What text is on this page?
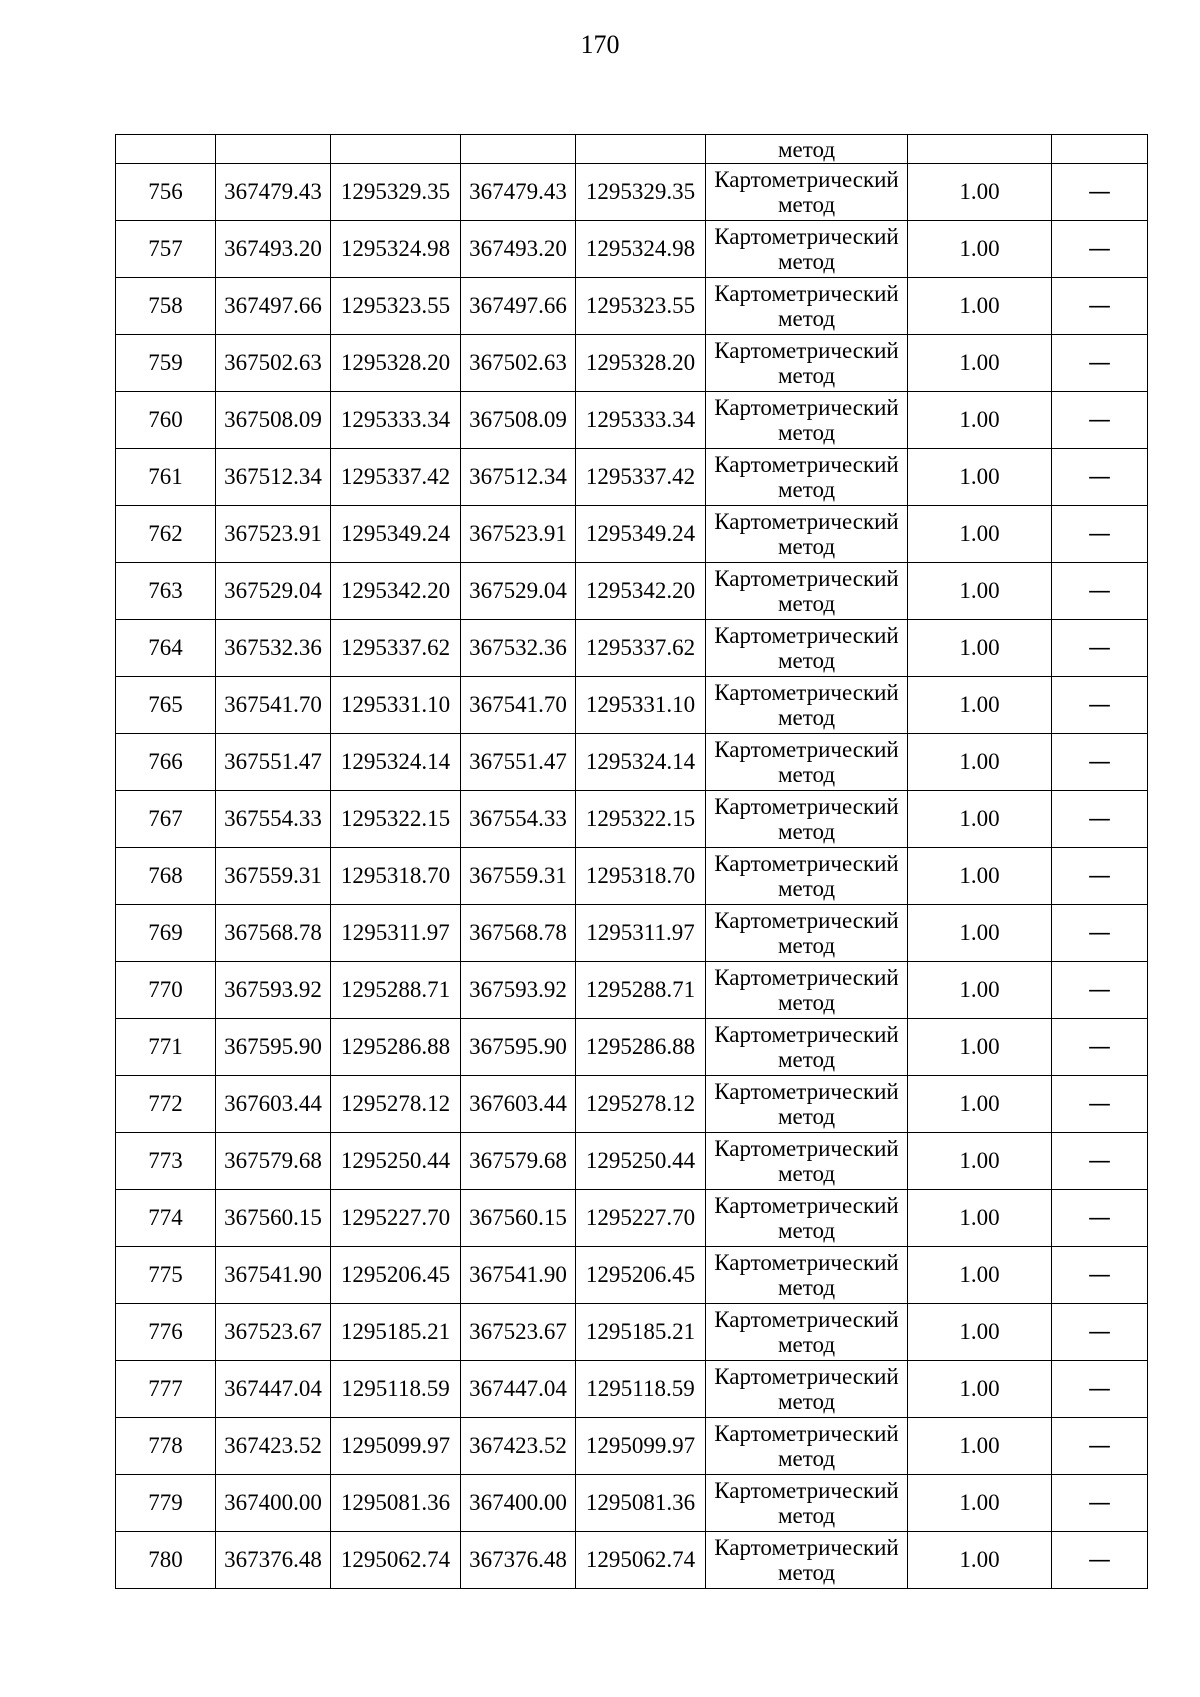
170
					метод		
756	367479.43	1295329.35	367479.43	1295329.35	Картометрический
метод	1.00	—
757	367493.20	1295324.98	367493.20	1295324.98	Картометрический
метод	1.00	—
758	367497.66	1295323.55	367497.66	1295323.55	Картометрический
метод	1.00	—
759	367502.63	1295328.20	367502.63	1295328.20	Картометрический
метод	1.00	—
760	367508.09	1295333.34	367508.09	1295333.34	Картометрический
метод	1.00	—
761	367512.34	1295337.42	367512.34	1295337.42	Картометрический
метод	1.00	—
762	367523.91	1295349.24	367523.91	1295349.24	Картометрический
метод	1.00	—
763	367529.04	1295342.20	367529.04	1295342.20	Картометрический
метод	1.00	—
764	367532.36	1295337.62	367532.36	1295337.62	Картометрический
метод	1.00	—
765	367541.70	1295331.10	367541.70	1295331.10	Картометрический
метод	1.00	—
766	367551.47	1295324.14	367551.47	1295324.14	Картометрический
метод	1.00	—
767	367554.33	1295322.15	367554.33	1295322.15	Картометрический
метод	1.00	—
768	367559.31	1295318.70	367559.31	1295318.70	Картометрический
метод	1.00	—
769	367568.78	1295311.97	367568.78	1295311.97	Картометрический
метод	1.00	—
770	367593.92	1295288.71	367593.92	1295288.71	Картометрический
метод	1.00	—
771	367595.90	1295286.88	367595.90	1295286.88	Картометрический
метод	1.00	—
772	367603.44	1295278.12	367603.44	1295278.12	Картометрический
метод	1.00	—
773	367579.68	1295250.44	367579.68	1295250.44	Картометрический
метод	1.00	—
774	367560.15	1295227.70	367560.15	1295227.70	Картометрический
метод	1.00	—
775	367541.90	1295206.45	367541.90	1295206.45	Картометрический
метод	1.00	—
776	367523.67	1295185.21	367523.67	1295185.21	Картометрический
метод	1.00	—
777	367447.04	1295118.59	367447.04	1295118.59	Картометрический
метод	1.00	—
778	367423.52	1295099.97	367423.52	1295099.97	Картометрический
метод	1.00	—
779	367400.00	1295081.36	367400.00	1295081.36	Картометрический
метод	1.00	—
780	367376.48	1295062.74	367376.48	1295062.74	Картометрический
метод	1.00	—
